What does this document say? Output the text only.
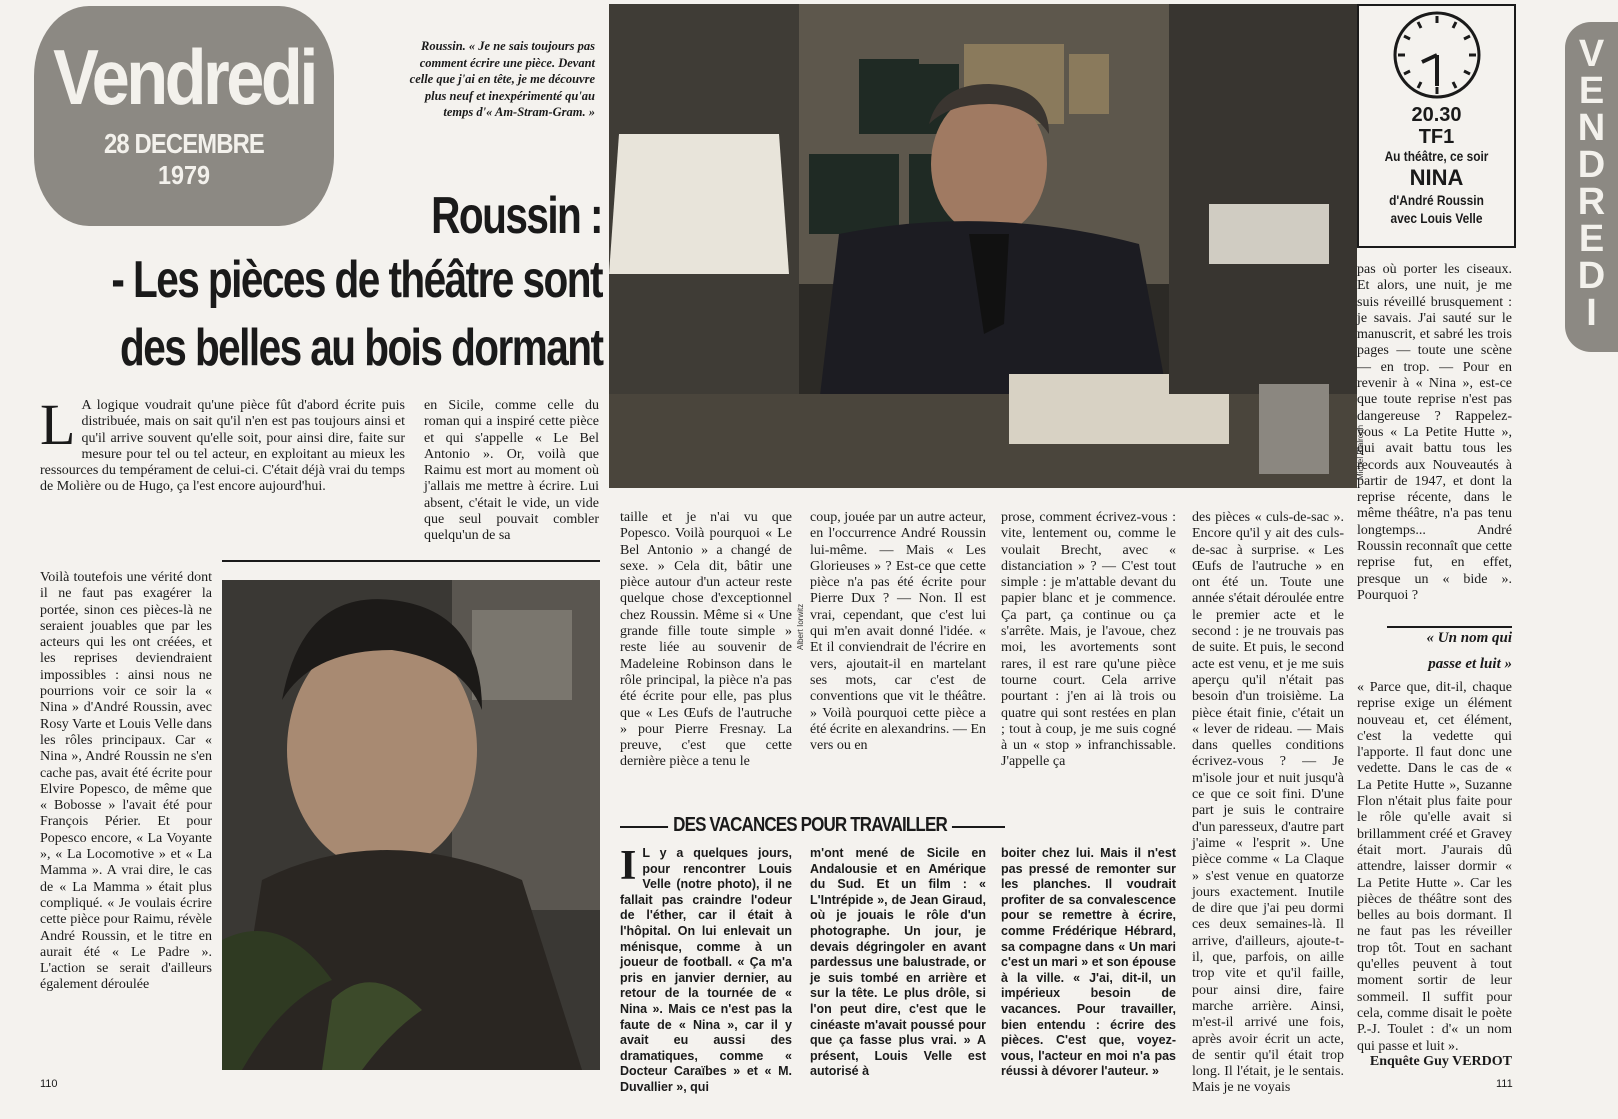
Vendredi
28 DECEMBRE
1979
Roussin. « Je ne sais toujours pas comment écrire une pièce. Devant celle que j'ai en tête, je me découvre plus neuf et inexpérimenté qu'au temps d'« Am-Stram-Gram. »
Roussin :
- Les pièces de théâtre sont
des belles au bois dormant
L A logique voudrait qu'une pièce fût d'abord écrite puis distribuée, mais on sait qu'il n'en est pas toujours ainsi et qu'il arrive souvent qu'elle soit, pour ainsi dire, faite sur mesure pour tel ou tel acteur, en exploitant au mieux les ressources du tempérament de celui-ci. C'était déjà vrai du temps de Molière ou de Hugo, ça l'est encore aujourd'hui.
Voilà toutefois une vérité dont il ne faut pas exagérer la portée, sinon ces pièces-là ne seraient jouables que par les acteurs qui les ont créées, et les reprises deviendraient impossibles : ainsi nous ne pourrions voir ce soir la « Nina » d'André Roussin, avec Rosy Varte et Louis Velle dans les rôles principaux. Car « Nina », André Roussin ne s'en cache pas, avait été écrite pour Elvire Popesco, de même que « Bobosse » l'avait été pour François Périer. Et pour Popesco encore, « La Voyante », « La Locomotive » et « La Mamma ». A vrai dire, le cas de « La Mamma » était plus compliqué. « Je voulais écrire cette pièce pour Raimu, révèle André Roussin, et le titre en aurait été « Le Padre ». L'action se serait d'ailleurs également déroulée
en Sicile, comme celle du roman qui a inspiré cette pièce et qui s'appelle « Le Bel Antonio ». Or, voilà que Raimu est mort au moment où j'allais me mettre à écrire. Lui absent, c'était le vide, un vide que seul pouvait combler quelqu'un de sa
Michel Rialroph
taille et je n'ai vu que Popesco. Voilà pourquoi « Le Bel Antonio » a changé de sexe. » Cela dit, bâtir une pièce autour d'un acteur reste quelque chose d'exceptionnel chez Roussin. Même si « Une grande fille toute simple » reste liée au souvenir de Madeleine Robinson dans le rôle principal, la pièce n'a pas été écrite pour elle, pas plus que « Les Œufs de l'autruche » pour Pierre Fresnay. La preuve, c'est que cette dernière pièce a tenu le
Albert Iorwitz
coup, jouée par un autre acteur, en l'occurrence André Roussin lui-même. — Mais « Les Glorieuses » ? Est-ce que cette pièce n'a pas été écrite pour Pierre Dux ? — Non. Il est vrai, cependant, que c'est lui qui m'en avait donné l'idée. « Et il conviendrait de l'écrire en vers, ajoutait-il en martelant ses mots, car c'est de conventions que vit le théâtre. » Voilà pourquoi cette pièce a été écrite en alexandrins. — En vers ou en
prose, comment écrivez-vous : vite, lentement ou, comme le voulait Brecht, avec « distanciation » ? — C'est tout simple : je m'attable devant du papier blanc et je commence. Ça part, ça continue ou ça s'arrête. Mais, je l'avoue, chez moi, les avortements sont rares, il est rare qu'une pièce tourne court. Cela arrive pourtant : j'en ai là trois ou quatre qui sont restées en plan ; tout à coup, je me suis cogné à un « stop » infranchissable. J'appelle ça
des pièces « culs-de-sac ». Encore qu'il y ait des culs-de-sac à surprise. « Les Œufs de l'autruche » en ont été un. Toute une année s'était déroulée entre le premier acte et le second : je ne trouvais pas de suite. Et puis, le second acte est venu, et je me suis aperçu qu'il n'était pas besoin d'un troisième. La pièce était finie, c'était un « lever de rideau. — Mais dans quelles conditions écrivez-vous ? — Je m'isole jour et nuit jusqu'à ce que ce soit fini. D'une part je suis le contraire d'un paresseux, d'autre part j'aime « l'esprit ». Une pièce comme « La Claque » s'est venue en quatorze jours exactement. Inutile de dire que j'ai peu dormi ces deux semaines-là. Il arrive, d'ailleurs, ajoute-t-il, que, parfois, on aille trop vite et qu'il faille, pour ainsi dire, faire marche arrière. Ainsi, m'est-il arrivé une fois, après avoir écrit un acte, de sentir qu'il était trop long. Il l'était, je le sentais. Mais je ne voyais
DES VACANCES POUR TRAVAILLER
I L y a quelques jours, pour rencontrer Louis Velle (notre photo), il ne fallait pas craindre l'odeur de l'éther, car il était à l'hôpital. On lui enlevait un ménisque, comme à un joueur de football. « Ça m'a pris en janvier dernier, au retour de la tournée de « Nina ». Mais ce n'est pas la faute de « Nina », car il y avait eu aussi des dramatiques, comme « Docteur Caraïbes » et « M. Duvallier », qui
m'ont mené de Sicile en Andalousie et en Amérique du Sud. Et un film : « L'Intrépide », de Jean Giraud, où je jouais le rôle d'un photographe. Un jour, je devais dégringoler en avant pardessus une balustrade, or je suis tombé en arrière et sur la tête. Le plus drôle, si l'on peut dire, c'est que le cinéaste m'avait poussé pour que ça fasse plus vrai. » A présent, Louis Velle est autorisé à
boiter chez lui. Mais il n'est pas pressé de remonter sur les planches. Il voudrait profiter de sa convalescence pour se remettre à écrire, comme Frédérique Hébrard, sa compagne dans « Un mari c'est un mari » et son épouse à la ville. « J'ai, dit-il, un impérieux besoin de vacances. Pour travailler, bien entendu : écrire des pièces. C'est que, voyez-vous, l'acteur en moi n'a pas réussi à dévorer l'auteur. »
20.30
TF1
Au théâtre, ce soir
NINA
d'André Roussin
avec Louis Velle
V
E
N
D
R
E
D
I
pas où porter les ciseaux. Et alors, une nuit, je me suis réveillé brusquement : je savais. J'ai sauté sur le manuscrit, et sabré les trois pages — toute une scène — en trop. — Pour en revenir à « Nina », est-ce que toute reprise n'est pas dangereuse ? Rappelez-vous « La Petite Hutte », qui avait battu tous les records aux Nouveautés à partir de 1947, et dont la reprise récente, dans le même théâtre, n'a pas tenu longtemps... André Roussin reconnaît que cette reprise fut, en effet, presque un « bide ». Pourquoi ?
« Un nom qui
passe et luit »
« Parce que, dit-il, chaque reprise exige un élément nouveau et, cet élément, c'est la vedette qui l'apporte. Il faut donc une vedette. Dans le cas de « La Petite Hutte », Suzanne Flon n'était plus faite pour le rôle qu'elle avait si brillamment créé et Gravey était mort. J'aurais dû attendre, laisser dormir « La Petite Hutte ». Car les pièces de théâtre sont des belles au bois dormant. Il ne faut pas les réveiller trop tôt. Tout en sachant qu'elles peuvent à tout moment sortir de leur sommeil. Il suffit pour cela, comme disait le poète P.-J. Toulet : d'« un nom qui passe et luit ».
Enquête Guy VERDOT
110	111
